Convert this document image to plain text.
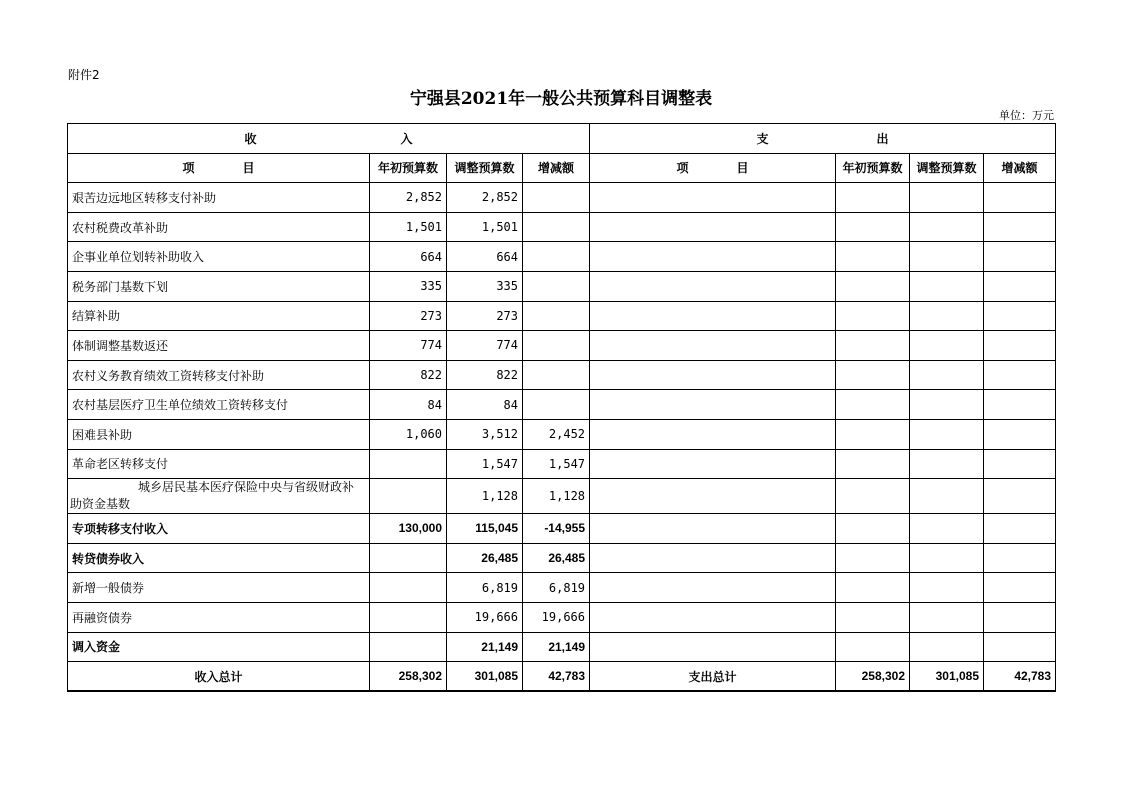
附件2
宁强县2021年一般公共预算科目调整表
单位：万元
收　　　　　　　　　　　　入				支　　　　　　　　　出			
项　　　　目	年初预算数	调整预算数	增减额	项　　　　目	年初预算数	调整预算数	增减额
艰苦边远地区转移支付补助	2,852	2,852					
农村税费改革补助	1,501	1,501					
企事业单位划转补助收入	664	664					
税务部门基数下划	335	335					
结算补助	273	273					
体制调整基数返还	774	774					
农村义务教育绩效工资转移支付补助	822	822					
农村基层医疗卫生单位绩效工资转移支付	84	84					
困难县补助	1,060	3,512	2,452				
革命老区转移支付		1,547	1,547				

城乡居民基本医疗保险中央与省级财政补
助资金基数		1,128	1,128				
专项转移支付收入	130,000	115,045	-14,955				
转贷债券收入		26,485	26,485				
新增一般债券		6,819	6,819				
再融资债券		19,666	19,666				
调入资金		21,149	21,149				
收入总计	258,302	301,085	42,783	支出总计	258,302	301,085	42,783
